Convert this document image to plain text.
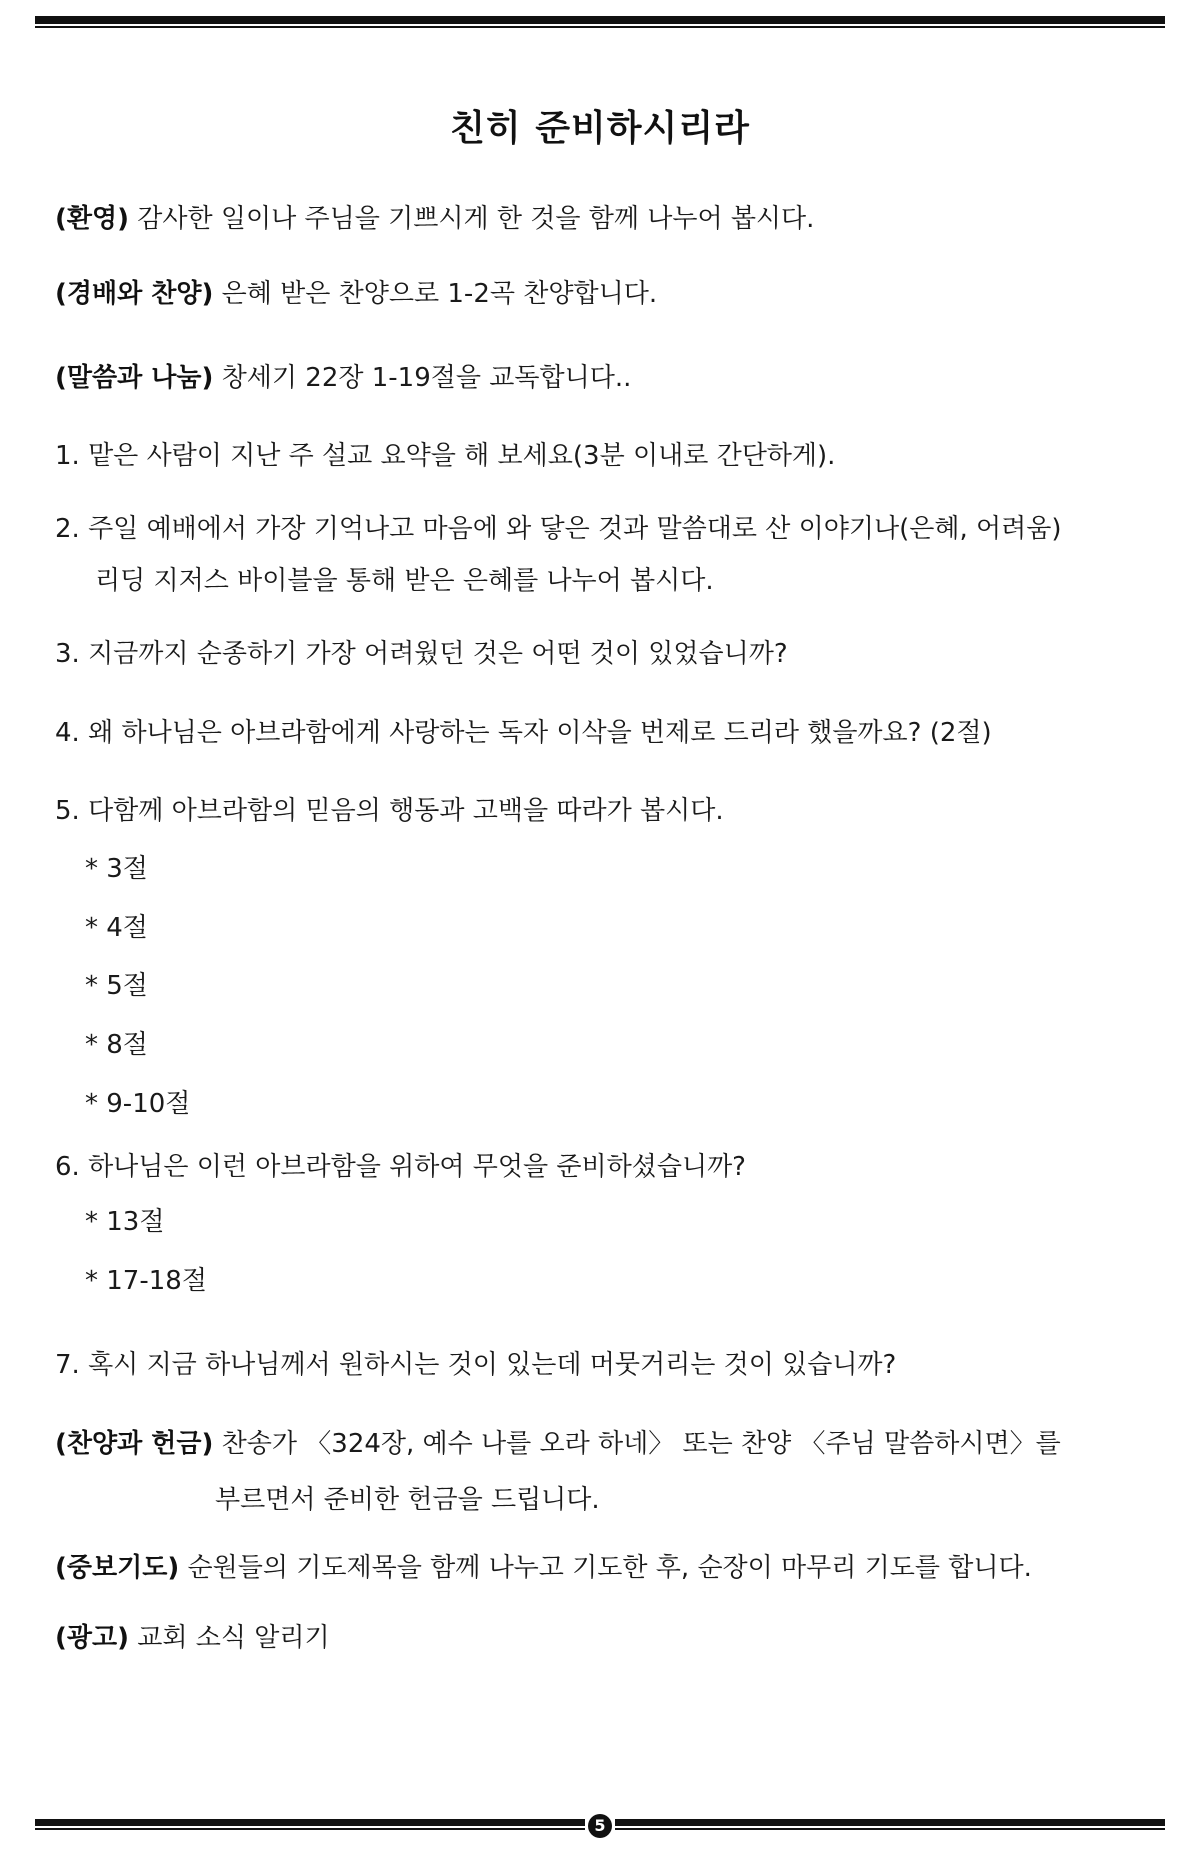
친히 준비하시리라
(환영) 감사한 일이나 주님을 기쁘시게 한 것을 함께 나누어 봅시다.
(경배와 찬양) 은혜 받은 찬양으로 1-2곡 찬양합니다.
(말씀과 나눔) 창세기 22장 1-19절을 교독합니다..
1. 맡은 사람이 지난 주 설교 요약을 해 보세요(3분 이내로 간단하게).
2. 주일 예배에서 가장 기억나고 마음에 와 닿은 것과 말씀대로 산 이야기나(은혜, 어려움)
리딩 지저스 바이블을 통해 받은 은혜를 나누어 봅시다.
3. 지금까지 순종하기 가장 어려웠던 것은 어떤 것이 있었습니까?
4. 왜 하나님은 아브라함에게 사랑하는 독자 이삭을 번제로 드리라 했을까요? (2절)
5. 다함께 아브라함의 믿음의 행동과 고백을 따라가 봅시다.
* 3절
* 4절
* 5절
* 8절
* 9-10절
6. 하나님은 이런 아브라함을 위하여 무엇을 준비하셨습니까?
* 13절
* 17-18절
7. 혹시 지금 하나님께서 원하시는 것이 있는데 머뭇거리는 것이 있습니까?
(찬양과 헌금) 찬송가 〈324장, 예수 나를 오라 하네〉 또는 찬양 〈주님 말씀하시면〉를
부르면서 준비한 헌금을 드립니다.
(중보기도) 순원들의 기도제목을 함께 나누고 기도한 후, 순장이 마무리 기도를 합니다.
(광고) 교회 소식 알리기
5
